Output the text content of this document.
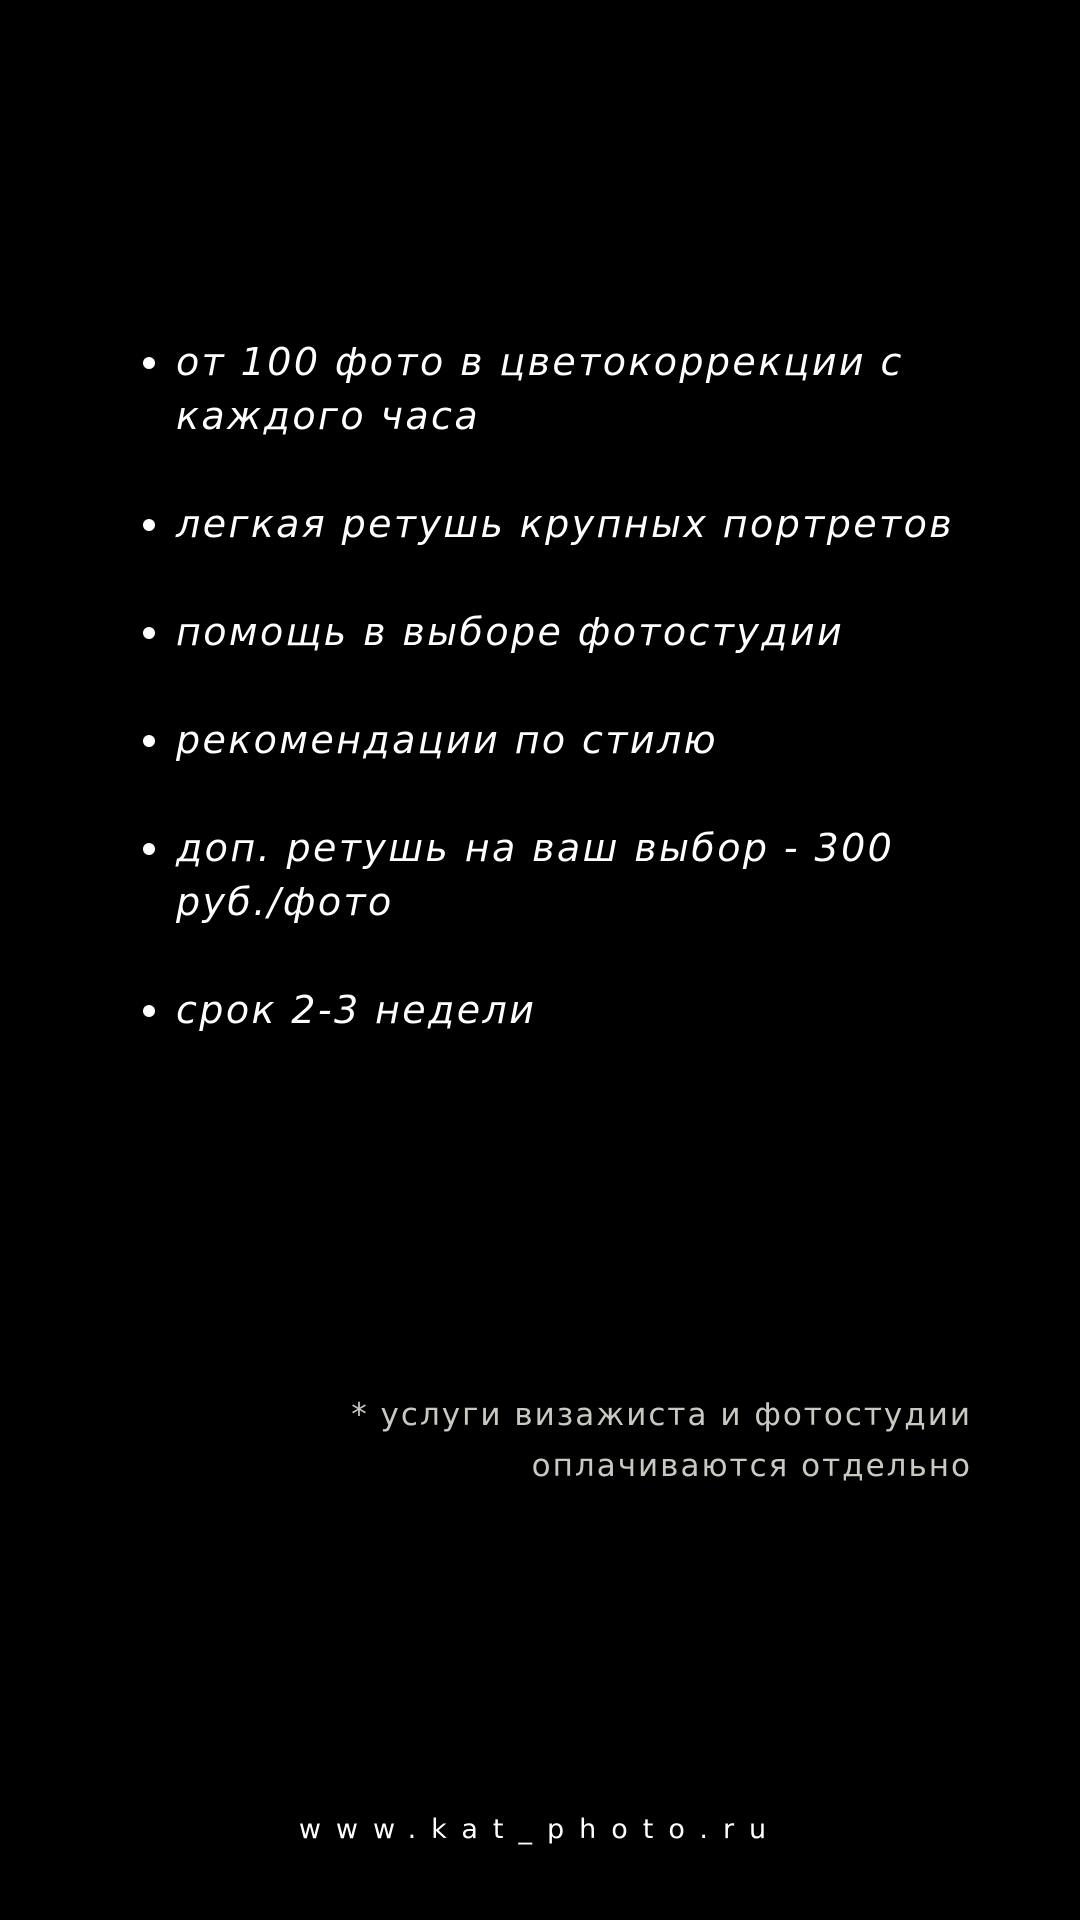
от 100 фото в цветокоррекции с каждого часа
легкая ретушь крупных портретов
помощь в выборе фотостудии
рекомендации по стилю
доп. ретушь на ваш выбор - 300 руб./фото
срок 2-3 недели
* услуги визажиста и фотостудии
оплачиваются отдельно
www.kat_photo.ru
